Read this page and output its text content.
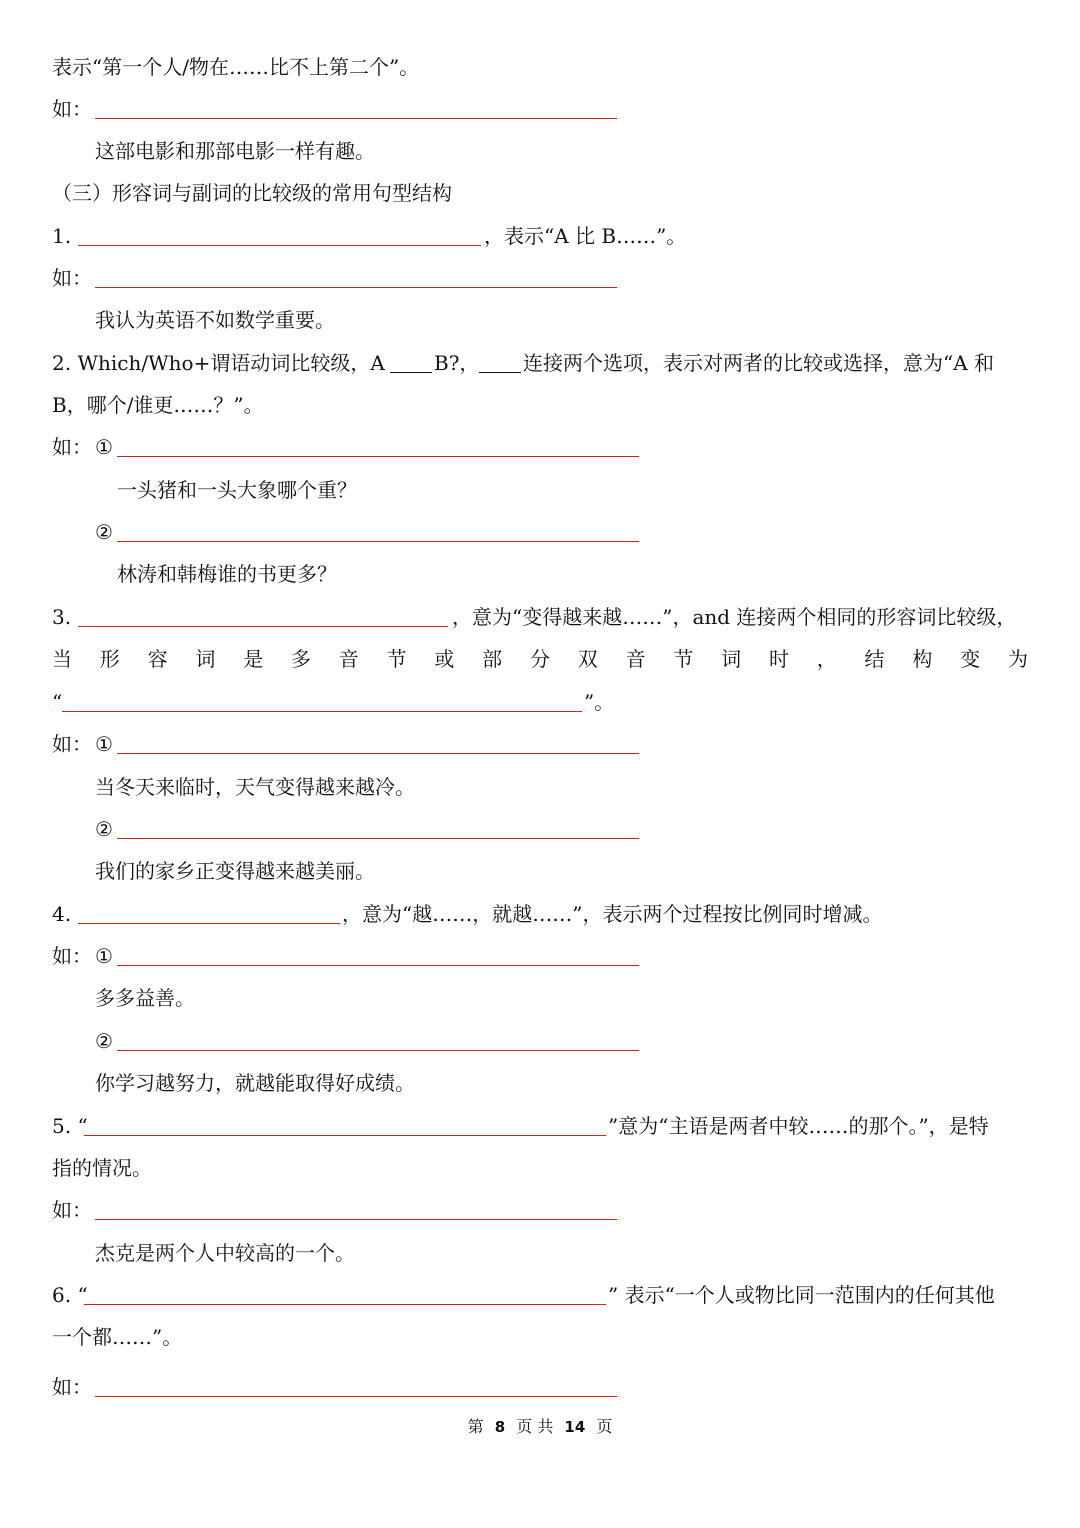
表示“第一个人/物在……比不上第二个”。
如：
这部电影和那部电影一样有趣。
（三）形容词与副词的比较级的常用句型结构
1.	，表示“A 比 B……”。
如：
我认为英语不如数学重要。
2. Which/Who+谓语动词比较级，A B?， 连接两个选项，表示对两者的比较或选择，意为“A 和
B，哪个/谁更……？”。
如： ①
一头猪和一头大象哪个重？
②
林涛和韩梅谁的书更多？
3.	，意为“变得越来越……”，and 连接两个相同的形容词比较级，
当 形 容 词 是 多 音 节 或 部 分 双 音 节 词 时 ， 结 构 变 为
“	”。
如： ①
当冬天来临时，天气变得越来越冷。
②
我们的家乡正变得越来越美丽。
4.	，意为“越……，就越……”，表示两个过程按比例同时增减。
如： ①
多多益善。
②
你学习越努力，就越能取得好成绩。
5. “	”意为“主语是两者中较……的那个。”，是特
指的情况。
如：
杰克是两个人中较高的一个。
6. “	” 表示“一个人或物比同一范围内的任何其他
一个都……”。
如：
第 8 页 共 14 页
